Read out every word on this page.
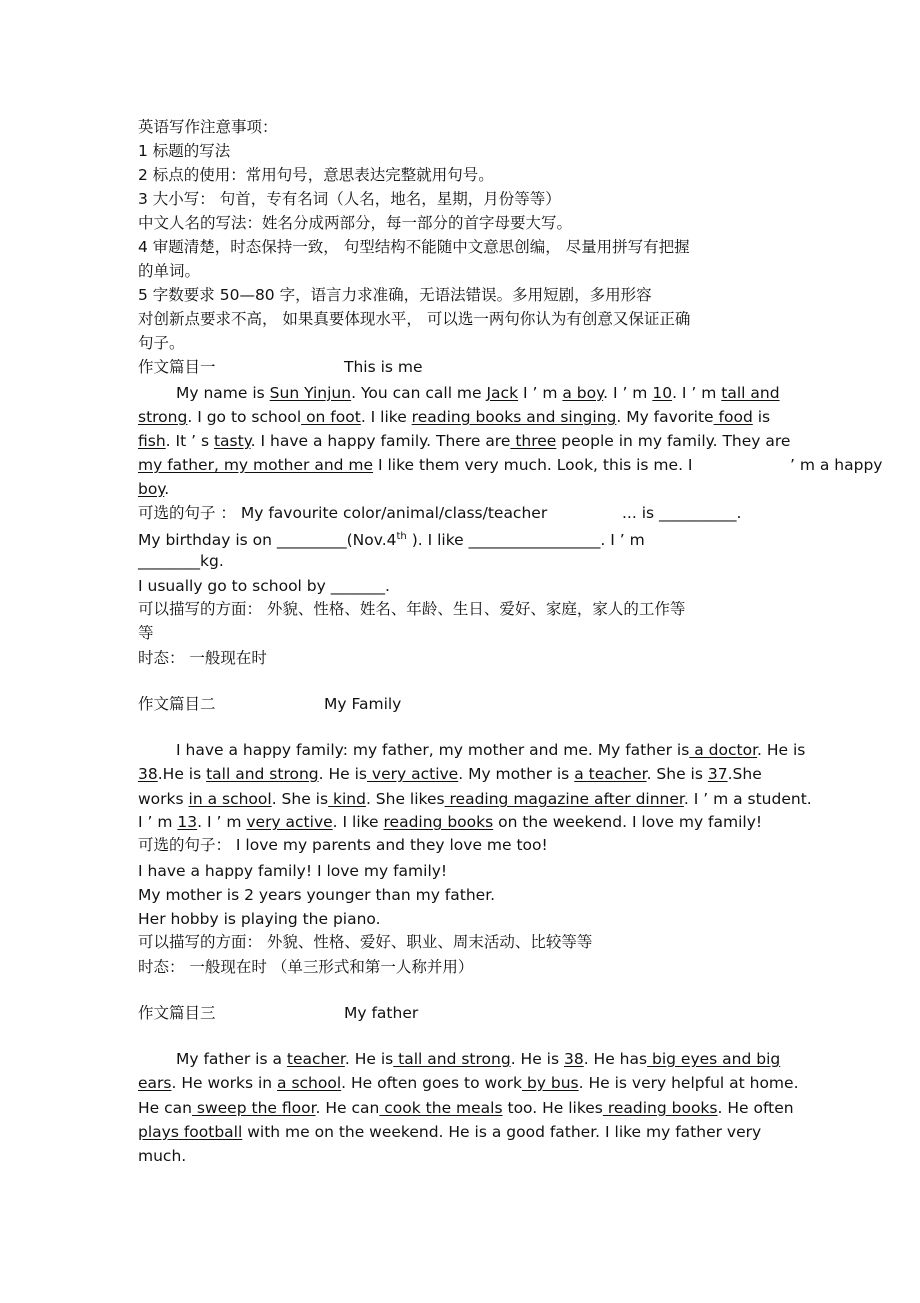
英语写作注意事项：
1 标题的写法
2 标点的使用：常用句号，意思表达完整就用句号。
3 大小写： 句首，专有名词（人名，地名，星期，月份等等）
中文人名的写法：姓名分成两部分，每一部分的首字母要大写。
4 审题清楚，时态保持一致， 句型结构不能随中文意思创编， 尽量用拼写有把握
的单词。
5 字数要求 50—80 字，语言力求准确，无语法错误。多用短剧，多用形容
对创新点要求不高， 如果真要体现水平， 可以选一两句你认为有创意又保证正确
句子。
作文篇目一	This is me
My name is Sun Yinjun. You can call me Jack I ’ m a boy. I ’ m 10. I ’ m tall and
strong. I go to school on foot. I like reading books and singing. My favorite food is
fish. It ’ s tasty. I have a happy family. There are three people in my family. They are
my father, my mother and me I like them very much. Look, this is me. I	’ m a happy
boy.
可选的句子 ： My favourite color/animal/class/teacher	... is __________.
My birthday is on _________(Nov.4th ). I like _________________. I ’ m
________kg.
I usually go to school by _______.
可以描写的方面： 外貌、性格、姓名、年龄、生日、爱好、家庭，家人的工作等
等
时态： 一般现在时
作文篇目二	My Family
I have a happy family: my father, my mother and me. My father is a doctor. He is
38.He is tall and strong. He is very active. My mother is a teacher. She is 37.She
works in a school. She is kind. She likes reading magazine after dinner. I ’ m a student.
I ’ m 13. I ’ m very active. I like reading books on the weekend. I love my family!
可选的句子： I love my parents and they love me too!
I have a happy family! I love my family!
My mother is 2 years younger than my father.
Her hobby is playing the piano.
可以描写的方面： 外貌、性格、爱好、职业、周末活动、比较等等
时态： 一般现在时 （单三形式和第一人称并用）
作文篇目三	My father
My father is a teacher. He is tall and strong. He is 38. He has big eyes and big
ears. He works in a school. He often goes to work by bus. He is very helpful at home.
He can sweep the floor. He can cook the meals too. He likes reading books. He often
plays football with me on the weekend. He is a good father. I like my father very
much.
